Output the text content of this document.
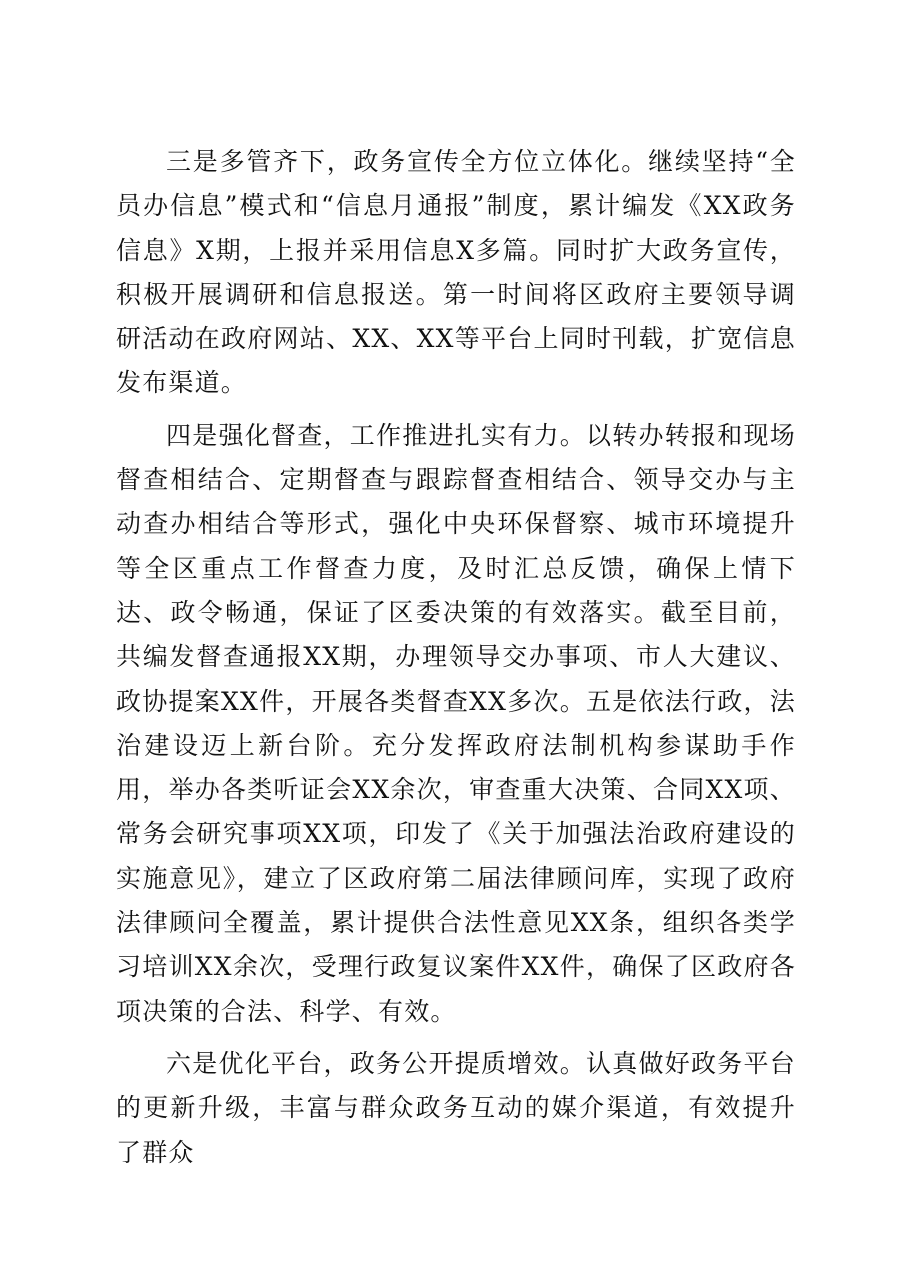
三是多管齐下，政务宣传全方位立体化。继续坚持“全员办信息”模式和“信息月通报”制度，累计编发《XX政务信息》X期，上报并采用信息X多篇。同时扩大政务宣传，积极开展调研和信息报送。第一时间将区政府主要领导调研活动在政府网站、XX、XX等平台上同时刊载，扩宽信息发布渠道。

四是强化督查，工作推进扎实有力。以转办转报和现场督查相结合、定期督查与跟踪督查相结合、领导交办与主动查办相结合等形式，强化中央环保督察、城市环境提升等全区重点工作督查力度，及时汇总反馈，确保上情下达、政令畅通，保证了区委决策的有效落实。截至目前，共编发督查通报XX期，办理领导交办事项、市人大建议、政协提案XX件，开展各类督查XX多次。五是依法行政，法治建设迈上新台阶。充分发挥政府法制机构参谋助手作用，举办各类听证会XX余次，审查重大决策、合同XX项、常务会研究事项XX项，印发了《关于加强法治政府建设的实施意见》，建立了区政府第二届法律顾问库，实现了政府法律顾问全覆盖，累计提供合法性意见XX条，组织各类学习培训XX余次，受理行政复议案件XX件，确保了区政府各项决策的合法、科学、有效。

六是优化平台，政务公开提质增效。认真做好政务平台的更新升级，丰富与群众政务互动的媒介渠道，有效提升了群众
